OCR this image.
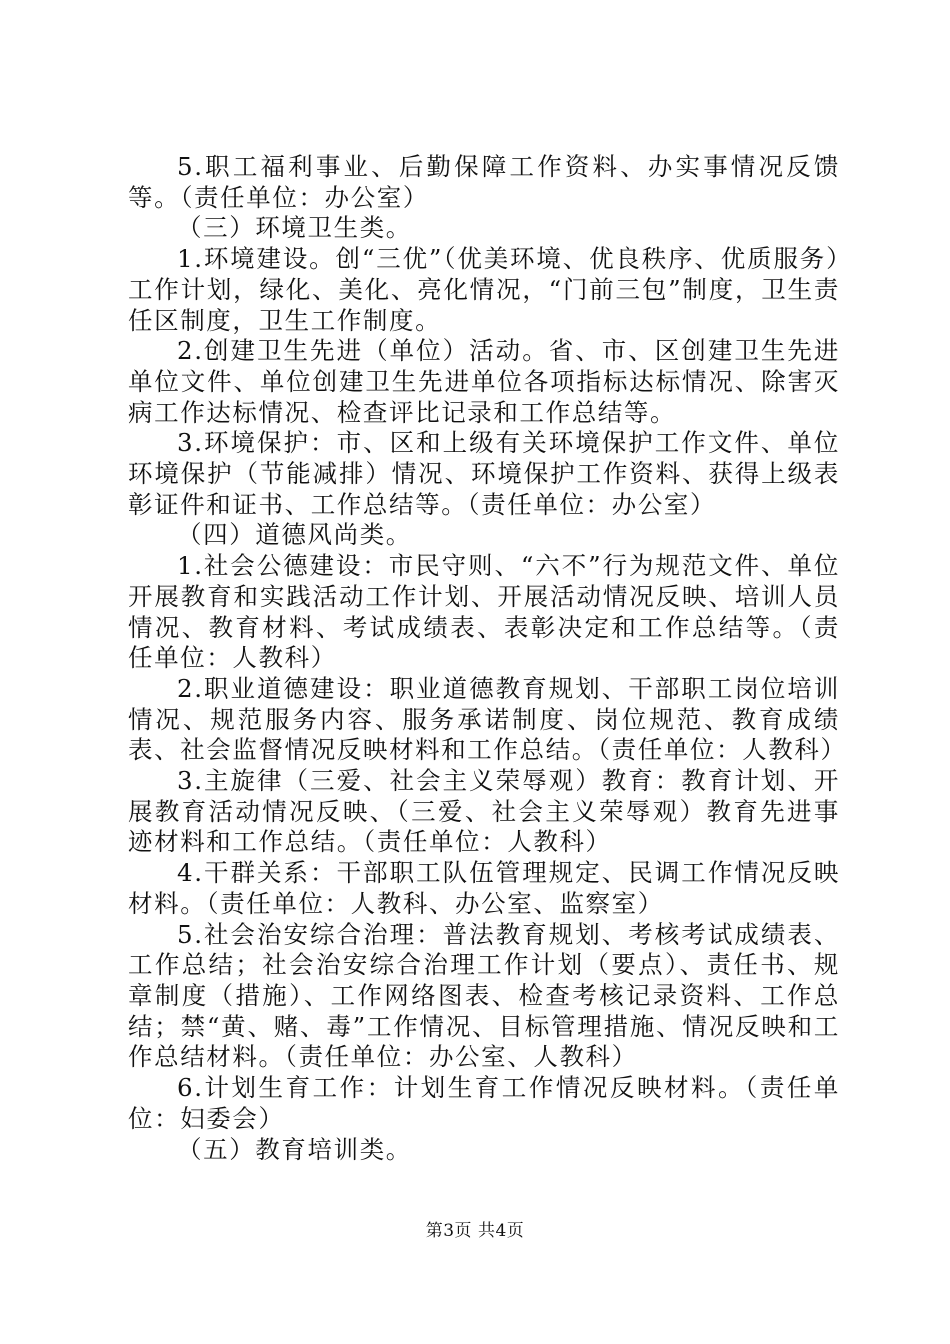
5.职工福利事业、后勤保障工作资料、办实事情况反馈等。（责任单位：办公室）

（三）环境卫生类。

1.环境建设。创“三优”（优美环境、优良秩序、优质服务）工作计划，绿化、美化、亮化情况，“门前三包”制度，卫生责任区制度，卫生工作制度。

2.创建卫生先进（单位）活动。省、市、区创建卫生先进单位文件、单位创建卫生先进单位各项指标达标情况、除害灭病工作达标情况、检查评比记录和工作总结等。

3.环境保护：市、区和上级有关环境保护工作文件、单位环境保护（节能减排）情况、环境保护工作资料、获得上级表彰证件和证书、工作总结等。（责任单位：办公室）

（四）道德风尚类。

1.社会公德建设：市民守则、“六不”行为规范文件、单位开展教育和实践活动工作计划、开展活动情况反映、培训人员情况、教育材料、考试成绩表、表彰决定和工作总结等。（责任单位：人教科）

2.职业道德建设：职业道德教育规划、干部职工岗位培训情况、规范服务内容、服务承诺制度、岗位规范、教育成绩表、社会监督情况反映材料和工作总结。（责任单位：人教科）

3.主旋律（三爱、社会主义荣辱观）教育：教育计划、开展教育活动情况反映、（三爱、社会主义荣辱观）教育先进事迹材料和工作总结。（责任单位：人教科）

4.干群关系：干部职工队伍管理规定、民调工作情况反映材料。（责任单位：人教科、办公室、监察室）

5.社会治安综合治理：普法教育规划、考核考试成绩表、工作总结；社会治安综合治理工作计划（要点）、责任书、规章制度（措施）、工作网络图表、检查考核记录资料、工作总结；禁“黄、赌、毒”工作情况、目标管理措施、情况反映和工作总结材料。（责任单位：办公室、人教科）

6.计划生育工作：计划生育工作情况反映材料。（责任单位：妇委会）

（五）教育培训类。

第3页 共4页
